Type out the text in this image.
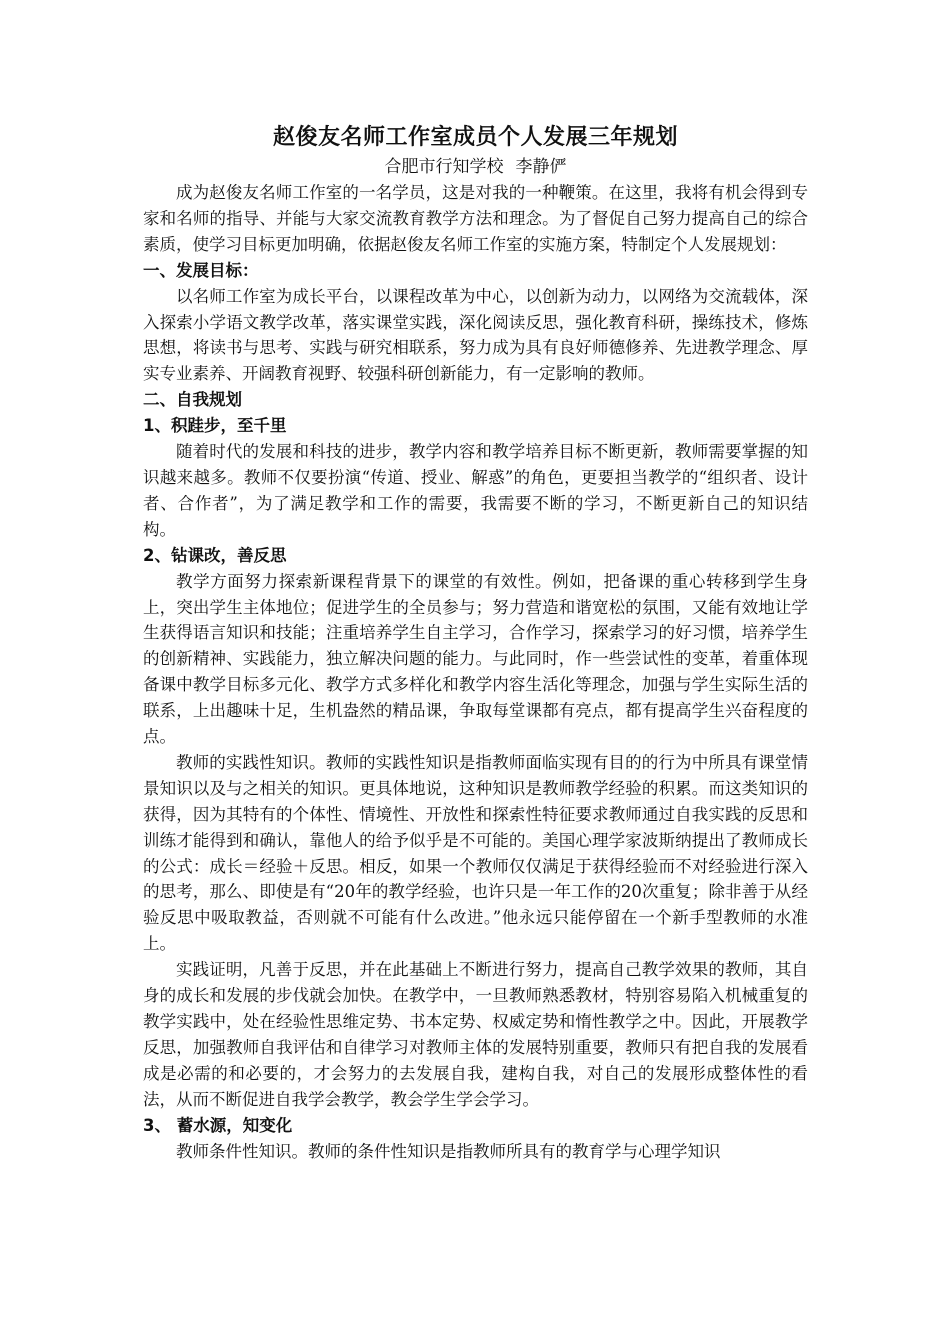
赵俊友名师工作室成员个人发展三年规划

合肥市行知学校 李静俨

成为赵俊友名师工作室的一名学员，这是对我的一种鞭策。在这里，我将有机会得到专家和名师的指导、并能与大家交流教育教学方法和理念。为了督促自己努力提高自己的综合素质，使学习目标更加明确，依据赵俊友名师工作室的实施方案，特制定个人发展规划：

一、发展目标：

以名师工作室为成长平台，以课程改革为中心，以创新为动力，以网络为交流载体，深入探索小学语文教学改革，落实课堂实践，深化阅读反思，强化教育科研，操练技术，修炼思想，将读书与思考、实践与研究相联系，努力成为具有良好师德修养、先进教学理念、厚实专业素养、开阔教育视野、较强科研创新能力，有一定影响的教师。

二、自我规划
1、积跬步，至千里

随着时代的发展和科技的进步，教学内容和教学培养目标不断更新，教师需要掌握的知识越来越多。教师不仅要扮演“传道、授业、解惑”的角色，更要担当教学的“组织者、设计者、合作者”，为了满足教学和工作的需要，我需要不断的学习，不断更新自己的知识结构。

2、钻课改，善反思

教学方面努力探索新课程背景下的课堂的有效性。例如，把备课的重心转移到学生身上，突出学生主体地位；促进学生的全员参与；努力营造和谐宽松的氛围，又能有效地让学生获得语言知识和技能；注重培养学生自主学习，合作学习，探索学习的好习惯，培养学生的创新精神、实践能力，独立解决问题的能力。与此同时，作一些尝试性的变革，着重体现备课中教学目标多元化、教学方式多样化和教学内容生活化等理念，加强与学生实际生活的联系，上出趣味十足，生机盎然的精品课，争取每堂课都有亮点，都有提高学生兴奋程度的点。

教师的实践性知识。教师的实践性知识是指教师面临实现有目的的行为中所具有课堂情景知识以及与之相关的知识。更具体地说，这种知识是教师教学经验的积累。而这类知识的获得，因为其特有的个体性、情境性、开放性和探索性特征要求教师通过自我实践的反思和训练才能得到和确认，靠他人的给予似乎是不可能的。美国心理学家波斯纳提出了教师成长的公式：成长＝经验＋反思。相反，如果一个教师仅仅满足于获得经验而不对经验进行深入的思考，那么、即使是有“20年的教学经验，也许只是一年工作的20次重复；除非善于从经验反思中吸取教益，否则就不可能有什么改进。”他永远只能停留在一个新手型教师的水准上。

实践证明，凡善于反思，并在此基础上不断进行努力，提高自己教学效果的教师，其自身的成长和发展的步伐就会加快。在教学中，一旦教师熟悉教材，特别容易陷入机械重复的教学实践中，处在经验性思维定势、书本定势、权威定势和惰性教学之中。因此，开展教学反思，加强教师自我评估和自律学习对教师主体的发展特别重要，教师只有把自我的发展看成是必需的和必要的，才会努力的去发展自我，建构自我，对自己的发展形成整体性的看法，从而不断促进自我学会教学，教会学生学会学习。

3、 蓄水源，知变化

教师条件性知识。教师的条件性知识是指教师所具有的教育学与心理学知识
